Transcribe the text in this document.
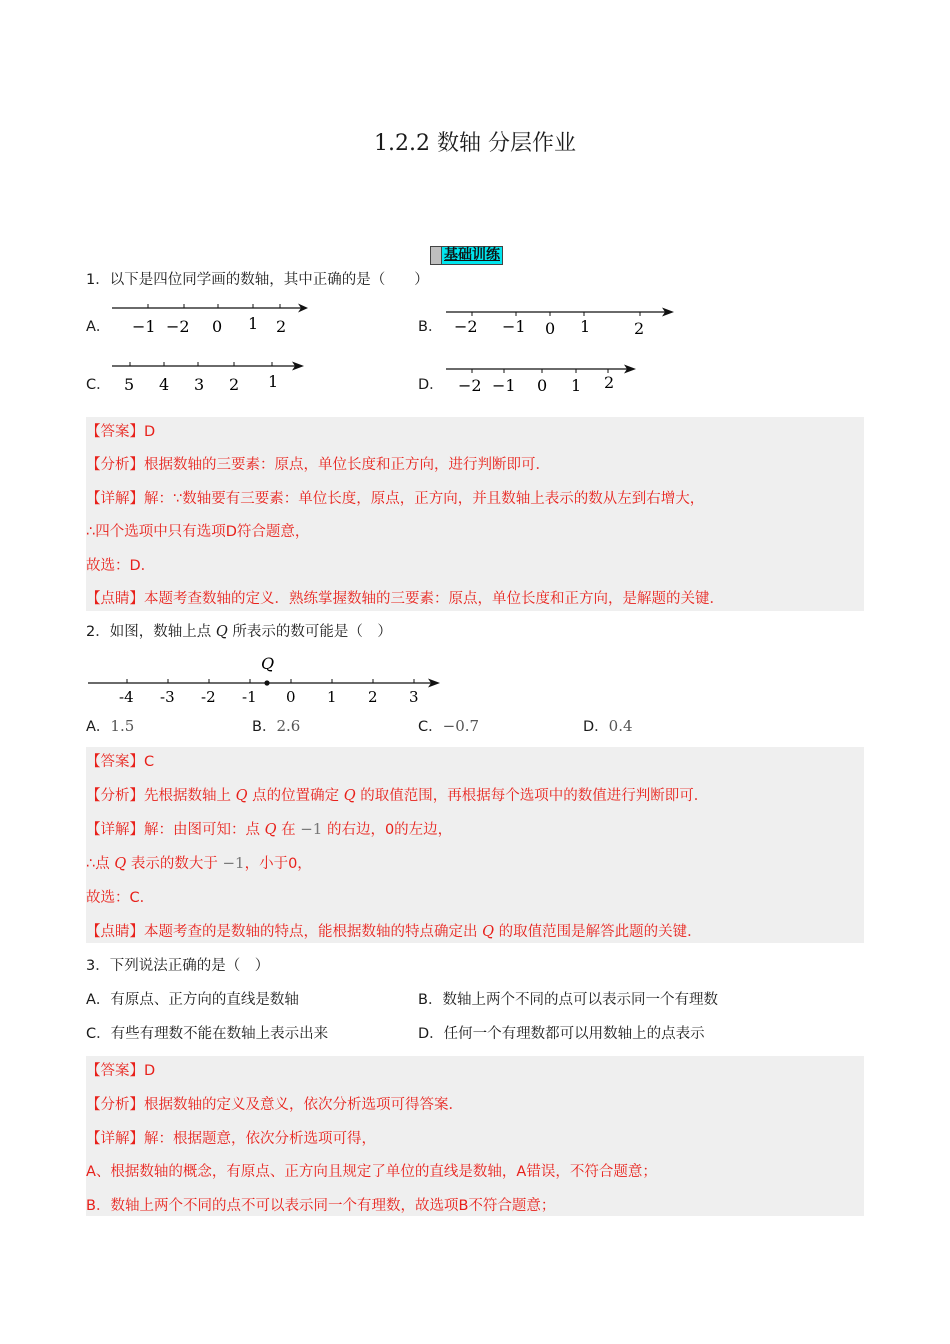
1.2.2 数轴 分层作业
基础训练
1．以下是四位同学画的数轴，其中正确的是（　　）
A． −1 −2 0 1 2	B． −2 −1 0 1	2
C． 5 4 3 2 1	D． −2 −1 0 1 2
【答案】D
【分析】根据数轴的三要素：原点，单位长度和正方向，进行判断即可．
【详解】解：∵数轴要有三要素：单位长度，原点，正方向，并且数轴上表示的数从左到右增大，
∴四个选项中只有选项D符合题意，
故选：D．
【点睛】本题考查数轴的定义．熟练掌握数轴的三要素：原点，单位长度和正方向，是解题的关键．
2．如图，数轴上点 Q 所表示的数可能是（　）
Q
-4 -3 -2 -1 0 1 2 3
A．1.5	B．2.6	C．−0.7	D．0.4
【答案】C
【分析】先根据数轴上 Q 点的位置确定 Q 的取值范围，再根据每个选项中的数值进行判断即可．
【详解】解：由图可知：点 Q 在 −1 的右边，0的左边，
∴点 Q 表示的数大于 −1，小于0，
故选：C．
【点睛】本题考查的是数轴的特点，能根据数轴的特点确定出 Q 的取值范围是解答此题的关键．
3．下列说法正确的是（　）
A．有原点、正方向的直线是数轴	B．数轴上两个不同的点可以表示同一个有理数
C．有些有理数不能在数轴上表示出来	D．任何一个有理数都可以用数轴上的点表示
【答案】D
【分析】根据数轴的定义及意义，依次分析选项可得答案．
【详解】解：根据题意，依次分析选项可得，
A、根据数轴的概念，有原点、正方向且规定了单位的直线是数轴，A错误，不符合题意；
B．数轴上两个不同的点不可以表示同一个有理数，故选项B不符合题意；
